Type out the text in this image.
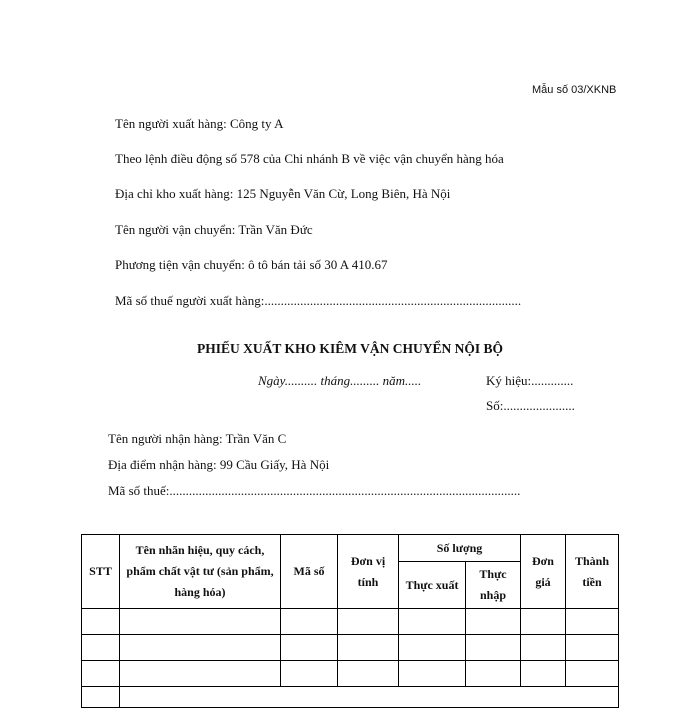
Mẫu số 03/XKNB
Tên người xuất hàng: Công ty A
Theo lệnh điều động số 578 của Chi nhánh B về việc vận chuyển hàng hóa
Địa chỉ kho xuất hàng: 125 Nguyễn Văn Cừ, Long Biên, Hà Nội
Tên người vận chuyển: Trần Văn Đức
Phương tiện vận chuyển: ô tô bán tải số 30 A 410.67
Mã số thuế người xuất hàng:...............................................................................
PHIẾU XUẤT KHO KIÊM VẬN CHUYỂN NỘI BỘ
Ngày.......... tháng......... năm.....	Ký hiệu:.............
Số:......................
Tên người nhận hàng: Trần Văn C
Địa điểm nhận hàng: 99 Cầu Giấy, Hà Nội
Mã số thuế:............................................................................................................
STT	Tên nhãn hiệu, quy cách, phẩm chất vật tư (sản phẩm, hàng hóa)	Mã số	Đơn vị tính	Số lượng		Đơn giá	Thành tiền
				Thực xuất	Thực nhập		
